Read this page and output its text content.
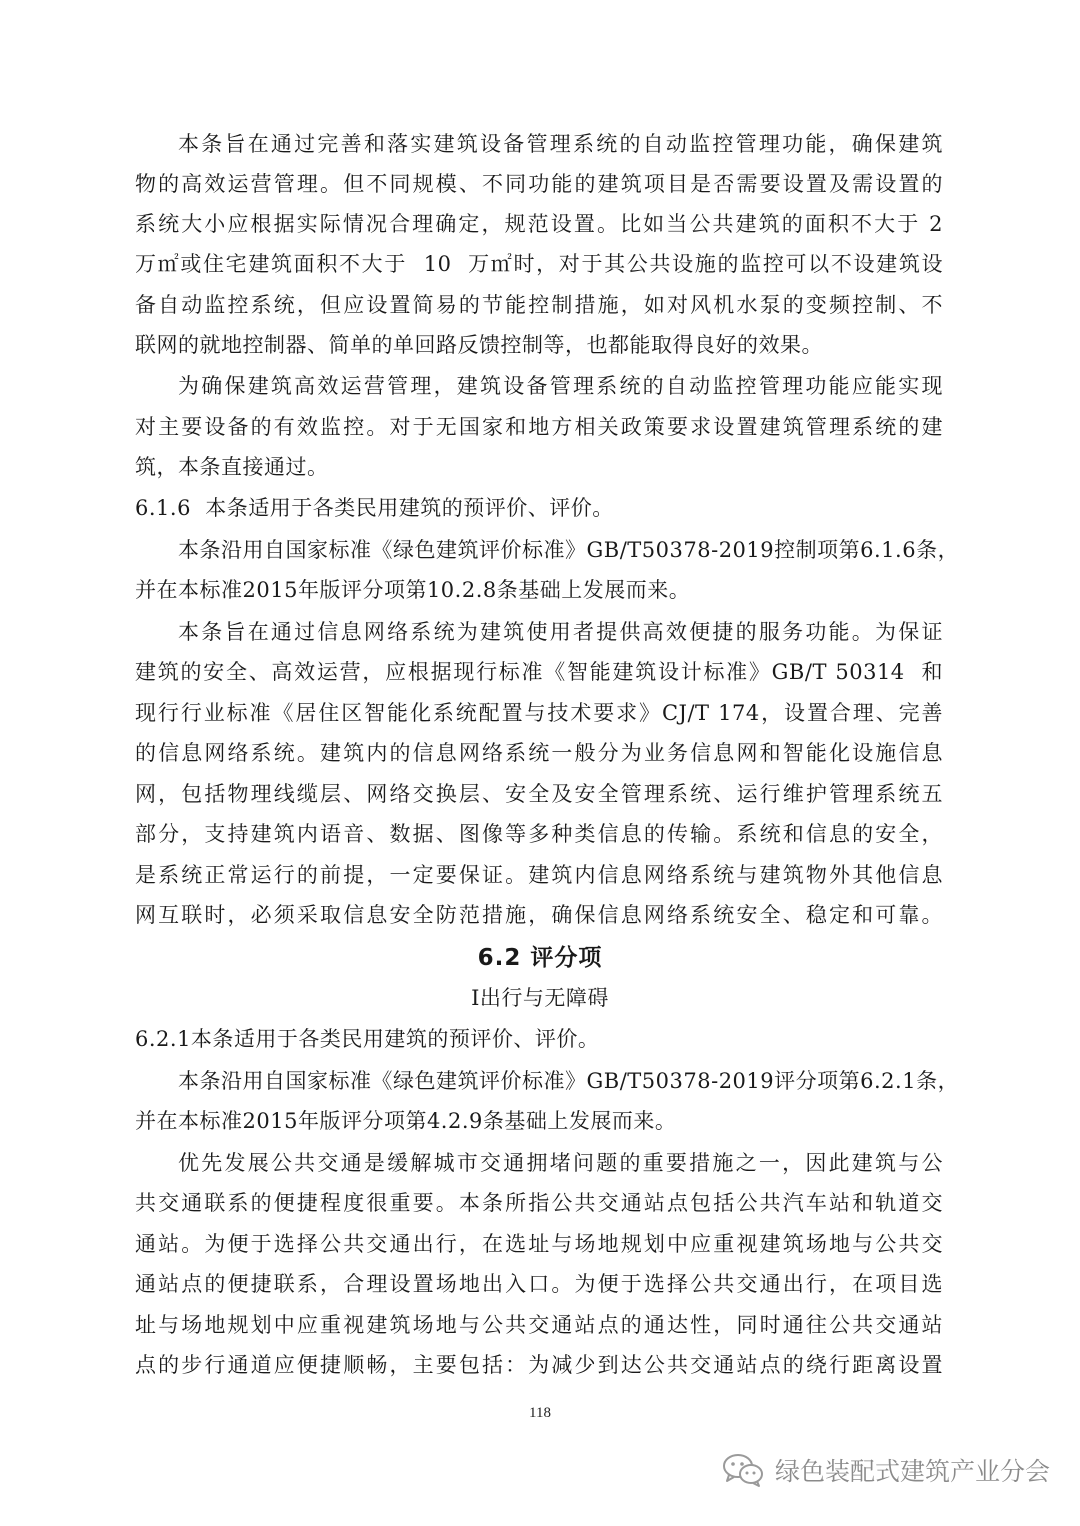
本条旨在通过完善和落实建筑设备管理系统的自动监控管理功能，确保建筑
物的高效运营管理。但不同规模、不同功能的建筑项目是否需要设置及需设置的
系统大小应根据实际情况合理确定，规范设置。比如当公共建筑的面积不大于 2
万㎡或住宅建筑面积不大于  10  万㎡时，对于其公共设施的监控可以不设建筑设
备自动监控系统，但应设置简易的节能控制措施，如对风机水泵的变频控制、不
联网的就地控制器、简单的单回路反馈控制等，也都能取得良好的效果。
为确保建筑高效运营管理，建筑设备管理系统的自动监控管理功能应能实现
对主要设备的有效监控。对于无国家和地方相关政策要求设置建筑管理系统的建
筑，本条直接通过。
6.1.6  本条适用于各类民用建筑的预评价、评价。
本条沿用自国家标准《绿色建筑评价标准》GB/T50378-2019控制项第6.1.6条，
并在本标准2015年版评分项第10.2.8条基础上发展而来。
本条旨在通过信息网络系统为建筑使用者提供高效便捷的服务功能。为保证
建筑的安全、高效运营，应根据现行标准《智能建筑设计标准》GB/T 50314  和
现行行业标准《居住区智能化系统配置与技术要求》CJ/T 174，设置合理、完善
的信息网络系统。建筑内的信息网络系统一般分为业务信息网和智能化设施信息
网，包括物理线缆层、网络交换层、安全及安全管理系统、运行维护管理系统五
部分，支持建筑内语音、数据、图像等多种类信息的传输。系统和信息的安全，
是系统正常运行的前提，一定要保证。建筑内信息网络系统与建筑物外其他信息
网互联时，必须采取信息安全防范措施，确保信息网络系统安全、稳定和可靠。
6.2 评分项
Ⅰ出行与无障碍
6.2.1本条适用于各类民用建筑的预评价、评价。
本条沿用自国家标准《绿色建筑评价标准》GB/T50378-2019评分项第6.2.1条，
并在本标准2015年版评分项第4.2.9条基础上发展而来。
优先发展公共交通是缓解城市交通拥堵问题的重要措施之一，因此建筑与公
共交通联系的便捷程度很重要。本条所指公共交通站点包括公共汽车站和轨道交
通站。为便于选择公共交通出行，在选址与场地规划中应重视建筑场地与公共交
通站点的便捷联系，合理设置场地出入口。为便于选择公共交通出行，在项目选
址与场地规划中应重视建筑场地与公共交通站点的通达性，同时通往公共交通站
点的步行通道应便捷顺畅，主要包括：为减少到达公共交通站点的绕行距离设置
118
绿色装配式建筑产业分会
